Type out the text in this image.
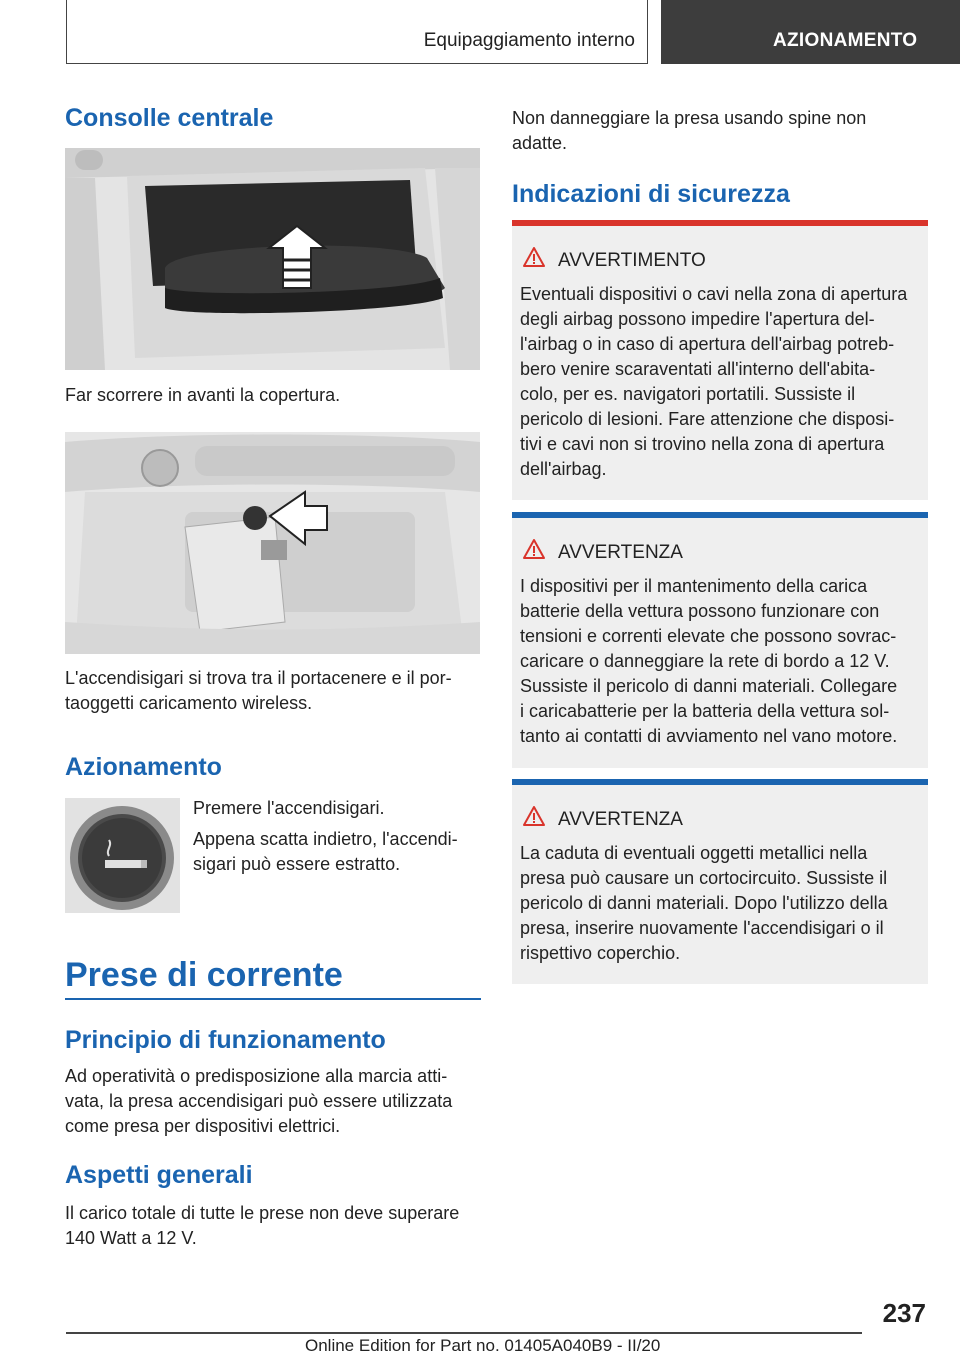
Equipaggiamento interno	AZIONAMENTO
Consolle centrale
Far scorrere in avanti la copertura.
L'accendisigari si trova tra il portacenere e il por-
taoggetti caricamento wireless.
Azionamento
Premere l'accendisigari.
Appena scatta indietro, l'accendi-
sigari può essere estratto.
Prese di corrente
Principio di funzionamento
Ad operatività o predisposizione alla marcia atti-
vata, la presa accendisigari può essere utilizzata
come presa per dispositivi elettrici.
Aspetti generali
Il carico totale di tutte le prese non deve superare
140 Watt a 12 V.
Non danneggiare la presa usando spine non
adatte.
Indicazioni di sicurezza
AVVERTIMENTO
Eventuali dispositivi o cavi nella zona di apertura
degli airbag possono impedire l'apertura del-
l'airbag o in caso di apertura dell'airbag potreb-
bero venire scaraventati all'interno dell'abita-
colo, per es. navigatori portatili. Sussiste il
pericolo di lesioni. Fare attenzione che disposi-
tivi e cavi non si trovino nella zona di apertura
dell'airbag.
AVVERTENZA
I dispositivi per il mantenimento della carica
batterie della vettura possono funzionare con
tensioni e correnti elevate che possono sovrac-
caricare o danneggiare la rete di bordo a 12 V.
Sussiste il pericolo di danni materiali. Collegare
i caricabatterie per la batteria della vettura sol-
tanto ai contatti di avviamento nel vano motore.
AVVERTENZA
La caduta di eventuali oggetti metallici nella
presa può causare un cortocircuito. Sussiste il
pericolo di danni materiali. Dopo l'utilizzo della
presa, inserire nuovamente l'accendisigari o il
rispettivo coperchio.
237
Online Edition for Part no. 01405A040B9 - II/20
